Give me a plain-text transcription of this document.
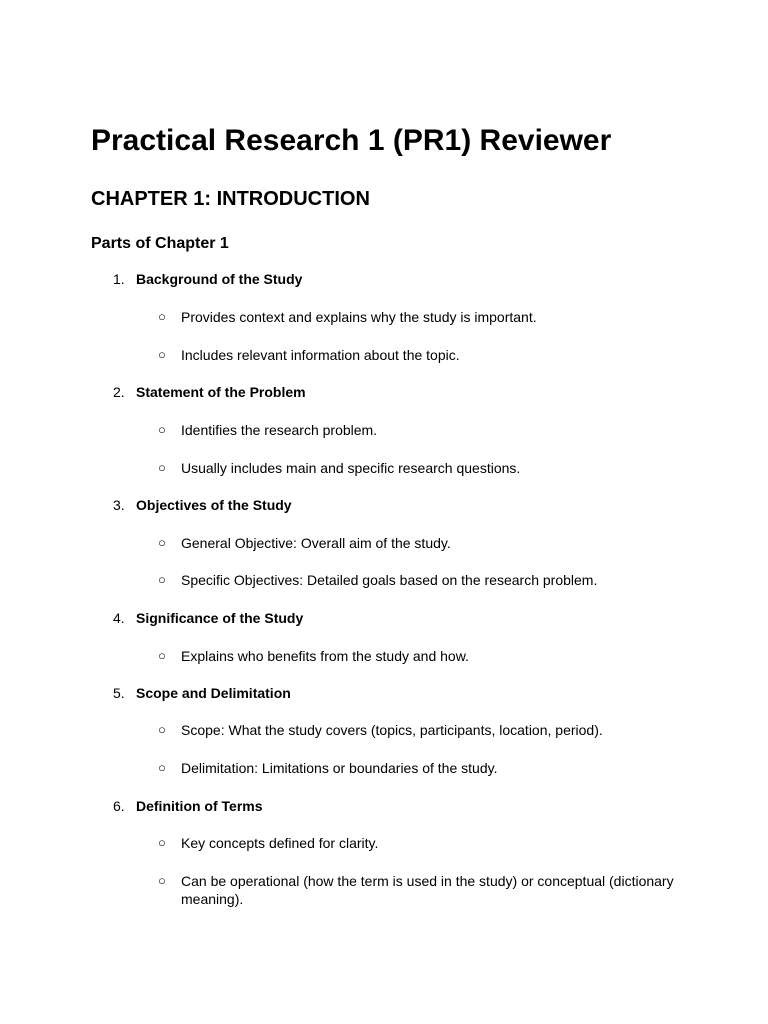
Practical Research 1 (PR1) Reviewer
CHAPTER 1: INTRODUCTION
Parts of Chapter 1
1. Background of the Study
○ Provides context and explains why the study is important.
○ Includes relevant information about the topic.
2. Statement of the Problem
○ Identifies the research problem.
○ Usually includes main and specific research questions.
3. Objectives of the Study
○ General Objective: Overall aim of the study.
○ Specific Objectives: Detailed goals based on the research problem.
4. Significance of the Study
○ Explains who benefits from the study and how.
5. Scope and Delimitation
○ Scope: What the study covers (topics, participants, location, period).
○ Delimitation: Limitations or boundaries of the study.
6. Definition of Terms
○ Key concepts defined for clarity.
○ Can be operational (how the term is used in the study) or conceptual (dictionary meaning).
